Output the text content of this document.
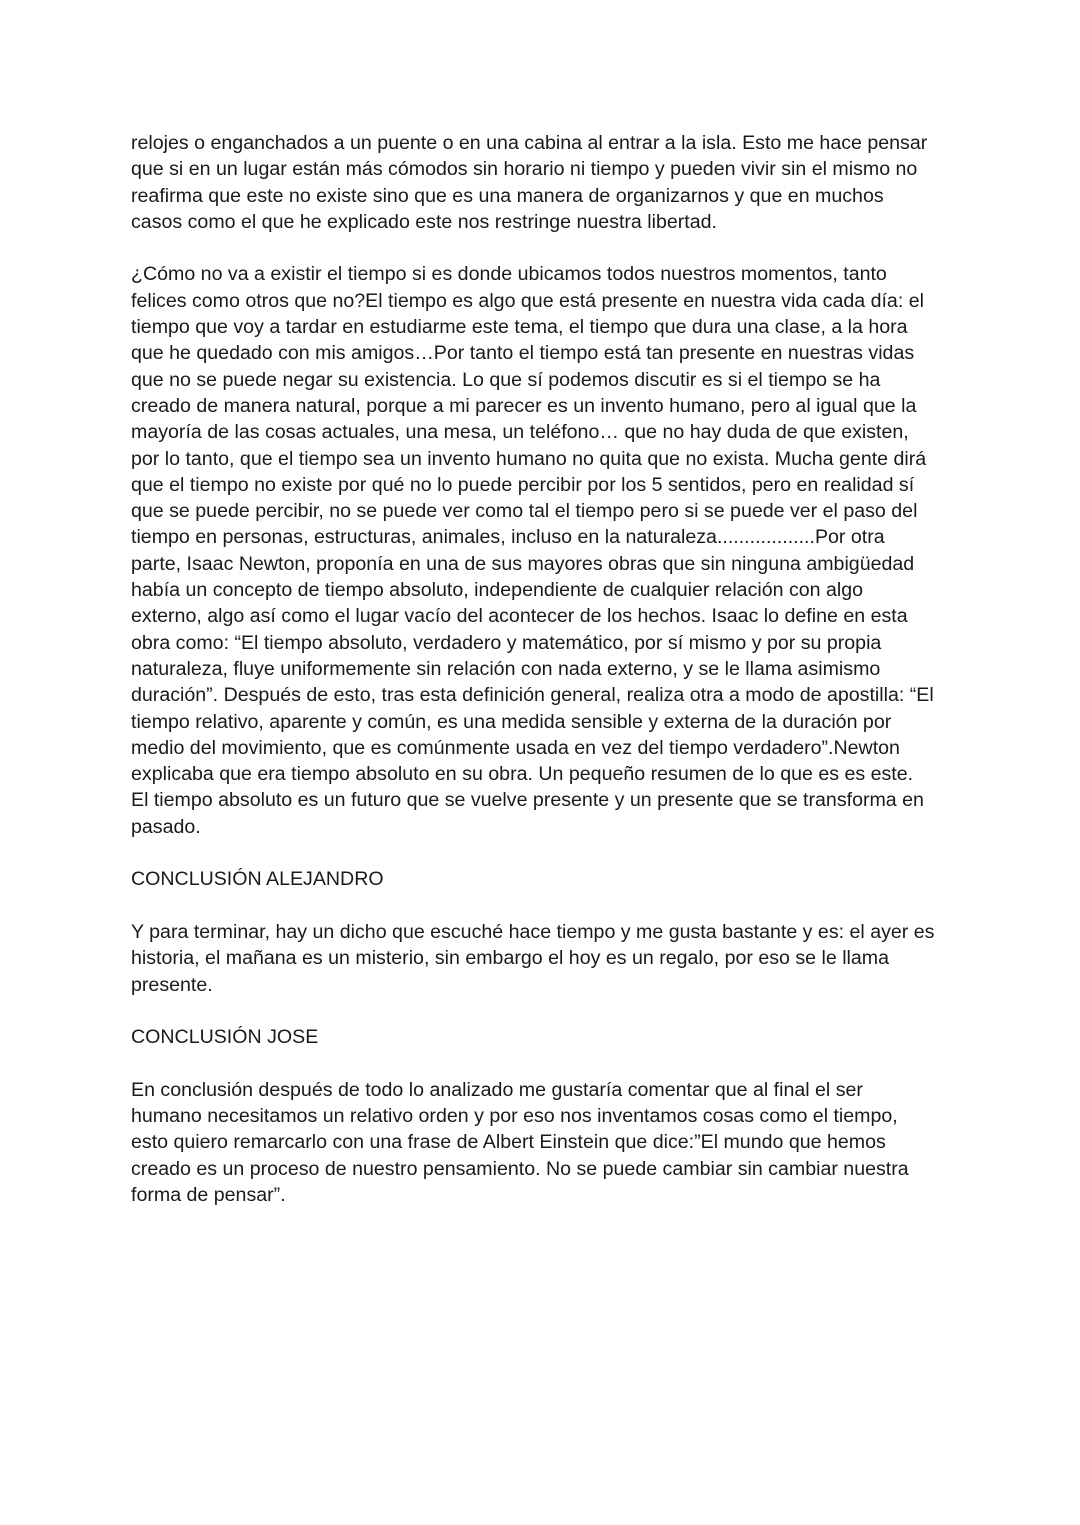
relojes o enganchados a un puente o en una cabina al entrar a la isla. Esto me hace pensar
que si en un lugar están más cómodos sin horario ni tiempo y pueden vivir sin el mismo no
reafirma que este no existe sino que es una manera de organizarnos y que en muchos
casos como el que he explicado este nos restringe nuestra libertad.

¿Cómo no va a existir el tiempo si es donde ubicamos todos nuestros momentos, tanto
felices como otros que no?El tiempo es algo que está presente en nuestra vida cada día: el
tiempo que voy a tardar en estudiarme este tema, el tiempo que dura una clase, a la hora
que he quedado con mis amigos…Por tanto el tiempo está tan presente en nuestras vidas
que no se puede negar su existencia. Lo que sí podemos discutir es si el tiempo se ha
creado de manera natural, porque a mi parecer es un invento humano, pero al igual que la
mayoría de las cosas actuales, una mesa, un teléfono… que no hay duda de que existen,
por lo tanto, que el tiempo sea un invento humano no quita que no exista. Mucha gente dirá
que el tiempo no existe por qué no lo puede percibir por los 5 sentidos, pero en realidad sí
que se puede percibir, no se puede ver como tal el tiempo pero si se puede ver el paso del
tiempo en personas, estructuras, animales, incluso en la naturaleza..................Por otra
parte, Isaac Newton, proponía en una de sus mayores obras que sin ninguna ambigüedad
había un concepto de tiempo absoluto, independiente de cualquier relación con algo
externo, algo así como el lugar vacío del acontecer de los hechos. Isaac lo define en esta
obra como: “El tiempo absoluto, verdadero y matemático, por sí mismo y por su propia
naturaleza, fluye uniformemente sin relación con nada externo, y se le llama asimismo
duración”. Después de esto, tras esta definición general, realiza otra a modo de apostilla: “El
tiempo relativo, aparente y común, es una medida sensible y externa de la duración por
medio del movimiento, que es comúnmente usada en vez del tiempo verdadero”.Newton
explicaba que era tiempo absoluto en su obra. Un pequeño resumen de lo que es es este.
El tiempo absoluto es un futuro que se vuelve presente y un presente que se transforma en
pasado.

CONCLUSIÓN ALEJANDRO

Y para terminar, hay un dicho que escuché hace tiempo y me gusta bastante y es: el ayer es
historia, el mañana es un misterio, sin embargo el hoy es un regalo, por eso se le llama
presente.

CONCLUSIÓN JOSE

En conclusión después de todo lo analizado me gustaría comentar que al final el ser
humano necesitamos un relativo orden y por eso nos inventamos cosas como el tiempo,
esto quiero remarcarlo con una frase de Albert Einstein que dice:”El mundo que hemos
creado es un proceso de nuestro pensamiento. No se puede cambiar sin cambiar nuestra
forma de pensar”.
